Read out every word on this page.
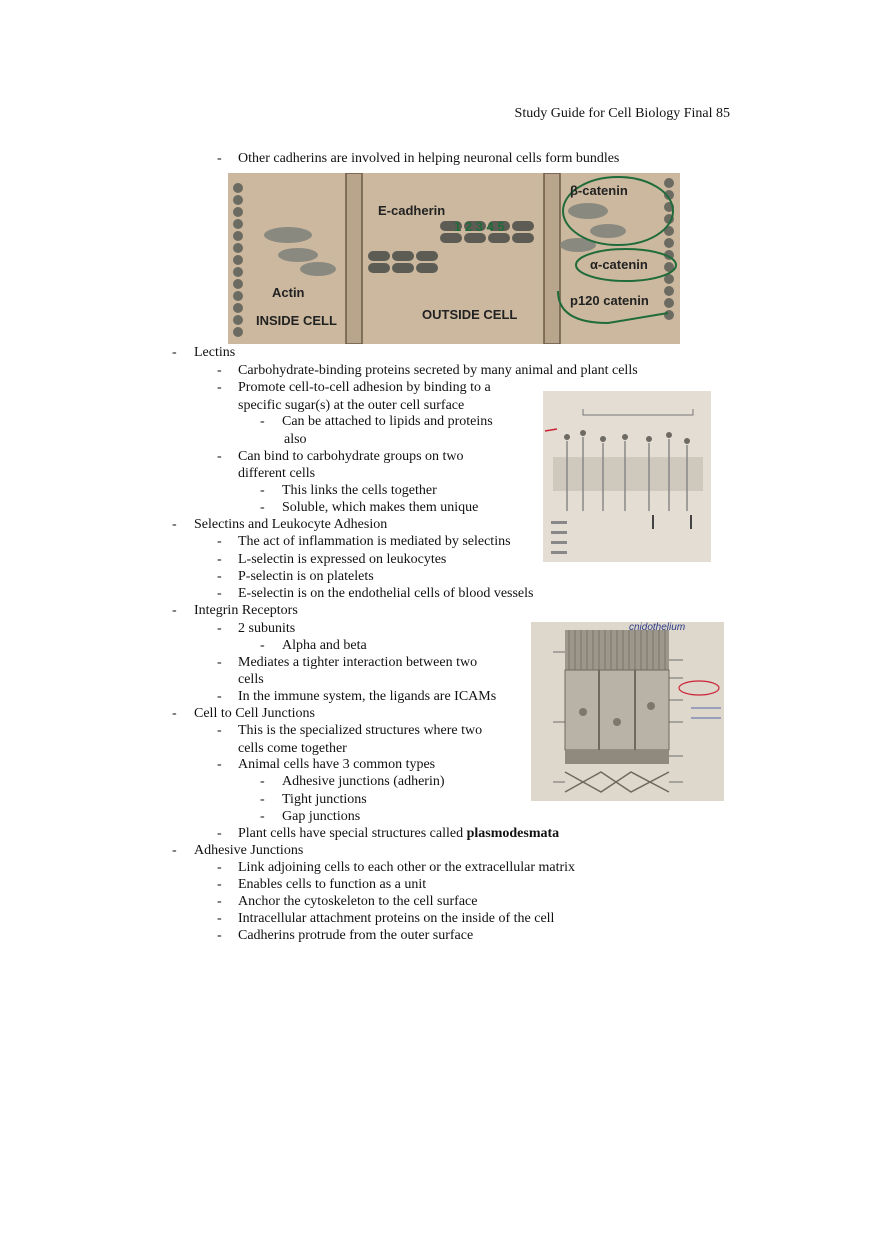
Study Guide for Cell Biology Final 85
- Other cadherins are involved in helping neuronal cells form bundles
E-cadherin
1 2 3 4 5
β-catenin
α-catenin
Actin
p120 catenin
INSIDE CELL	OUTSIDE CELL
- Lectins
- Carbohydrate-binding proteins secreted by many animal and plant cells
- Promote cell-to-cell adhesion by binding to a
specific sugar(s) at the outer cell surface
- Can be attached to lipids and proteins
also
- Can bind to carbohydrate groups on two
different cells
- This links the cells together
- Soluble, which makes them unique
- Selectins and Leukocyte Adhesion
- The act of inflammation is mediated by selectins
- L-selectin is expressed on leukocytes
- P-selectin is on platelets
- E-selectin is on the endothelial cells of blood vessels
- Integrin Receptors
- 2 subunits
- Alpha and beta
- Mediates a tighter interaction between two
cells
- In the immune system, the ligands are ICAMs
cnidothelium
- Cell to Cell Junctions
- This is the specialized structures where two
cells come together
- Animal cells have 3 common types
- Adhesive junctions (adherin)
- Tight junctions
- Gap junctions
- Plant cells have special structures called plasmodesmata
- Adhesive Junctions
- Link adjoining cells to each other or the extracellular matrix
- Enables cells to function as a unit
- Anchor the cytoskeleton to the cell surface
- Intracellular attachment proteins on the inside of the cell
- Cadherins protrude from the outer surface
